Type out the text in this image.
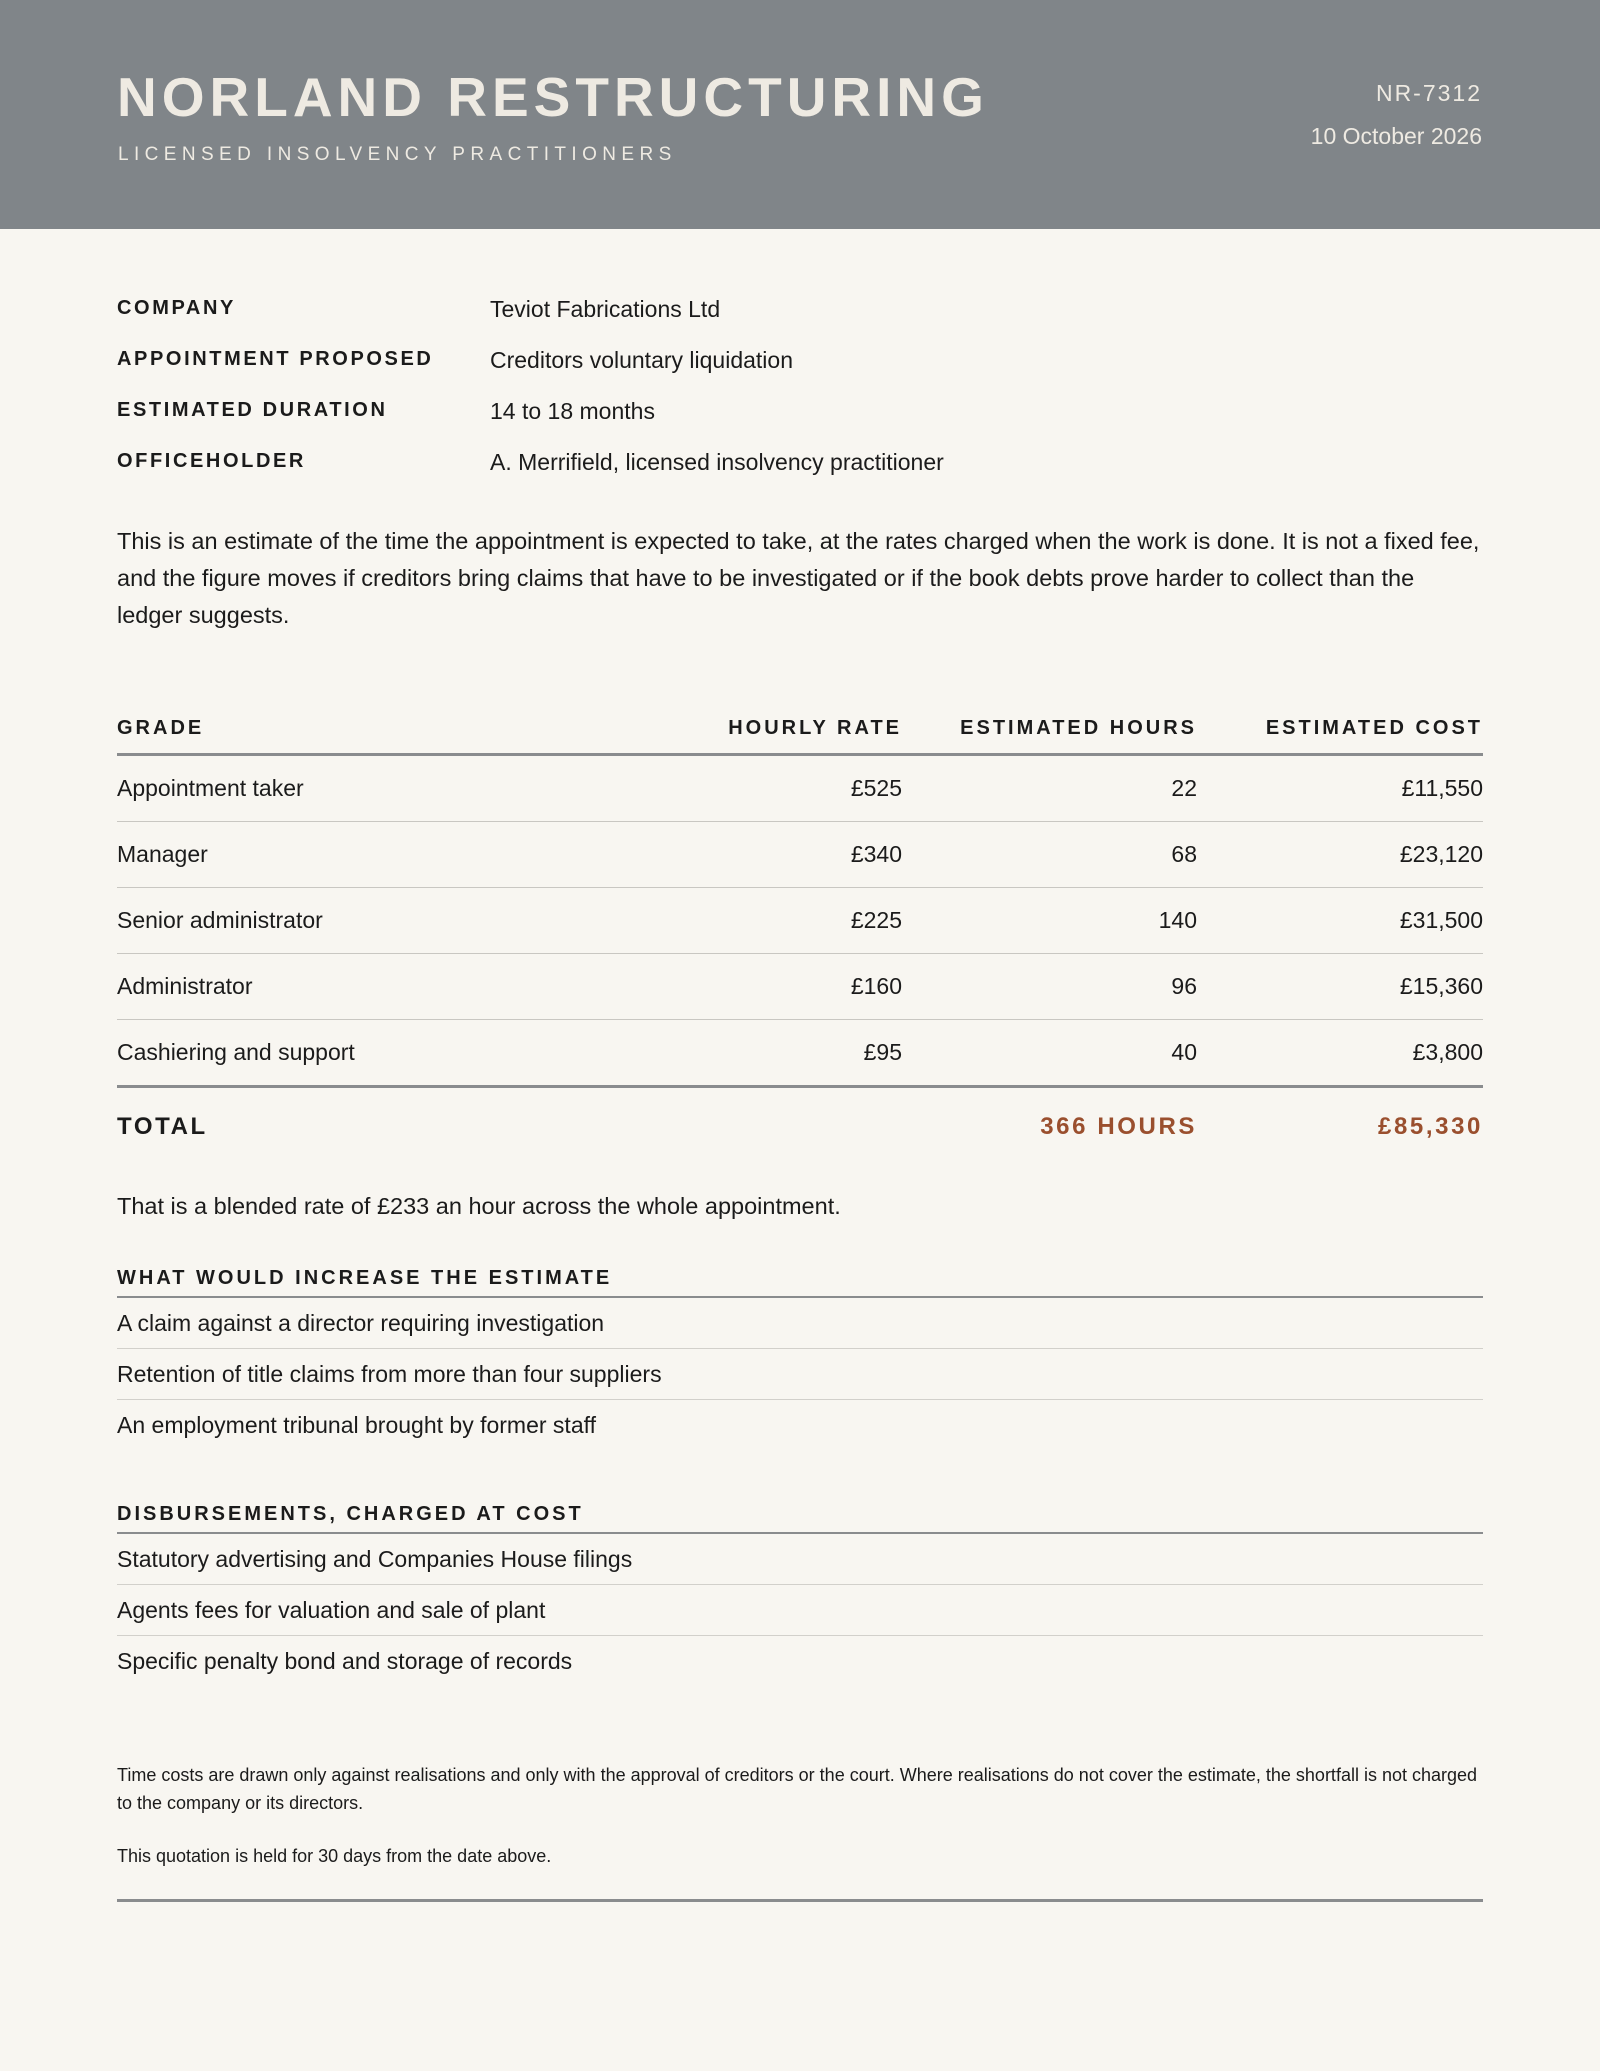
NORLAND RESTRUCTURING
LICENSED INSOLVENCY PRACTITIONERS
NR-7312
10 October 2026
COMPANY	Teviot Fabrications Ltd
APPOINTMENT PROPOSED	Creditors voluntary liquidation
ESTIMATED DURATION	14 to 18 months
OFFICEHOLDER	A. Merrifield, licensed insolvency practitioner

This is an estimate of the time the appointment is expected to take, at the rates charged when the work is done. It is not a fixed fee, and the figure moves if creditors bring claims that have to be investigated or if the book debts prove harder to collect than the ledger suggests.

GRADE	HOURLY RATE	ESTIMATED HOURS	ESTIMATED COST
Appointment taker	£525	22	£11,550
Manager	£340	68	£23,120
Senior administrator	£225	140	£31,500
Administrator	£160	96	£15,360
Cashiering and support	£95	40	£3,800
TOTAL		366 HOURS	£85,330
That is a blended rate of £233 an hour across the whole appointment.
WHAT WOULD INCREASE THE ESTIMATE
A claim against a director requiring investigation
Retention of title claims from more than four suppliers
An employment tribunal brought by former staff
DISBURSEMENTS, CHARGED AT COST
Statutory advertising and Companies House filings
Agents fees for valuation and sale of plant
Specific penalty bond and storage of records
Time costs are drawn only against realisations and only with the approval of creditors or the court. Where realisations do not cover the estimate, the shortfall is not charged to the company or its directors.
This quotation is held for 30 days from the date above.
